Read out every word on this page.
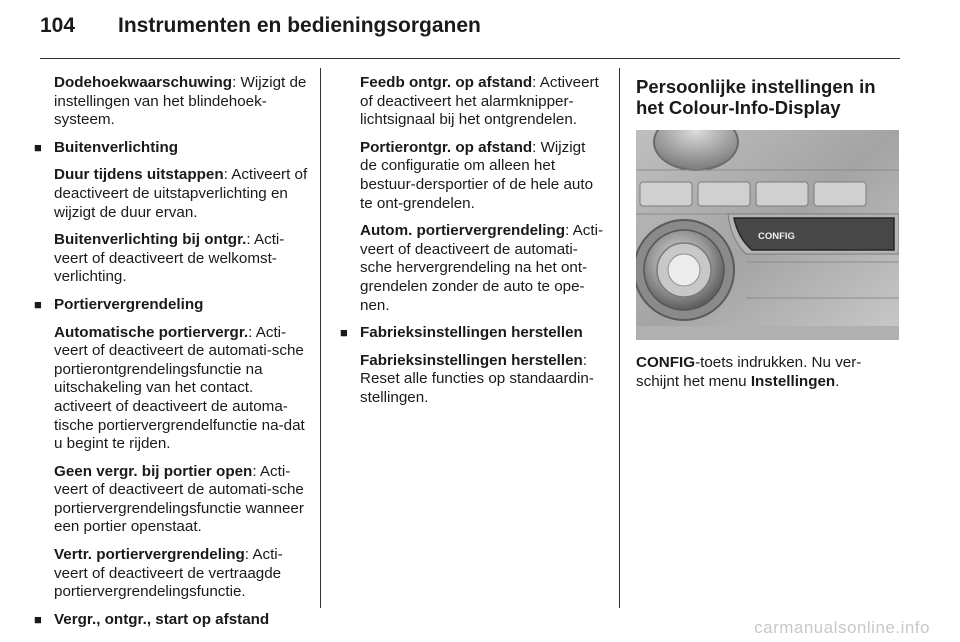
104	Instrumenten en bedieningsorganen

Dodehoekwaarschuwing: Wijzigt de instellingen van het blindehoek-systeem.

■ Buitenverlichting

Duur tijdens uitstappen: Activeert of deactiveert de uitstapverlichting en wijzigt de duur ervan.

Buitenverlichting bij ontgr.: Acti-veert of deactiveert de welkomst-verlichting.

■ Portiervergrendeling

Automatische portiervergr.: Acti-veert of deactiveert de automati-sche portierontgrendelingsfunctie na uitschakeling van het contact. activeert of deactiveert de automa-tische portiervergrendelfunctie na-dat u begint te rijden.

Geen vergr. bij portier open: Acti-veert of deactiveert de automati-sche portiervergrendelingsfunctie wanneer een portier openstaat.

Vertr. portiervergrendeling: Acti-veert of deactiveert de vertraagde portiervergrendelingsfunctie.

■ Vergr., ontgr., start op afstand

Feedb ontgr. op afstand: Activeert of deactiveert het alarmknipper-lichtsignaal bij het ontgrendelen.

Portierontgr. op afstand: Wijzigt de configuratie om alleen het bestuur-dersportier of de hele auto te ont-grendelen.

Autom. portiervergrendeling: Acti-veert of deactiveert de automati-sche hervergrendeling na het ont-grendelen zonder de auto te ope-nen.

■ Fabrieksinstellingen herstellen

Fabrieksinstellingen herstellen: Reset alle functies op standaardin-stellingen.

Persoonlijke instellingen in het Colour-Info-Display
CONFIG

CONFIG-toets indrukken. Nu ver-schijnt het menu Instellingen.

carmanualsonline.info
